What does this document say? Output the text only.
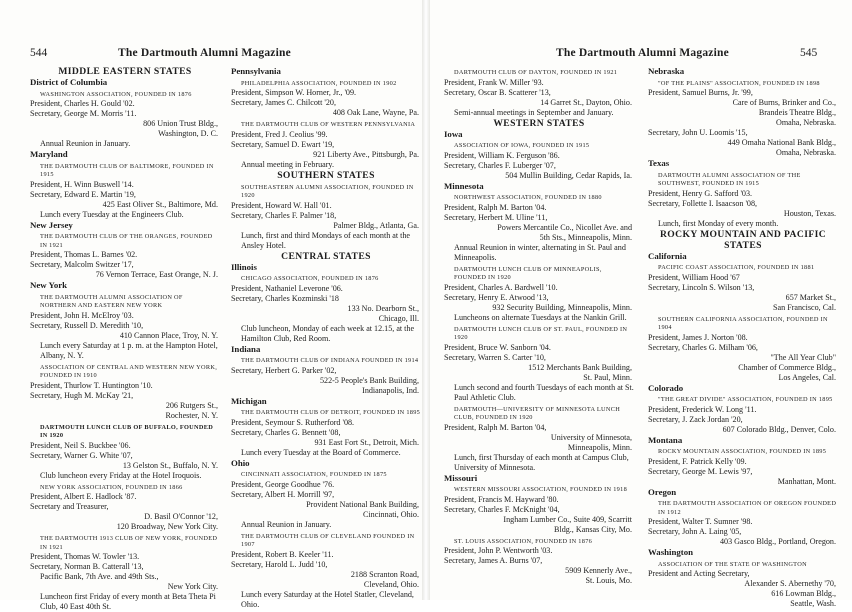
544	The Dartmouth Alumni Magazine

MIDDLE EASTERN STATES

District of Columbia

WASHINGTON ASSOCIATION, FOUNDED IN 1876

President, Charles H. Gould '02.

Secretary, George M. Morris '11.

806 Union Trust Bldg.,

Washington, D. C.

Annual Reunion in January.

Maryland

THE DARTMOUTH CLUB OF BALTIMORE, FOUNDED IN 1915

President, H. Winn Buswell '14.

Secretary, Edward E. Martin '19,

425 East Oliver St., Baltimore, Md.

Lunch every Tuesday at the Engineers Club.

New Jersey

THE DARTMOUTH CLUB OF THE ORANGES, FOUNDED IN 1921

President, Thomas L. Barnes '02.

Secretary, Malcolm Switzer '17,

76 Vernon Terrace, East Orange, N. J.

New York

THE DARTMOUTH ALUMNI ASSOCIATION OF NORTHERN AND EASTERN NEW YORK

President, John H. McElroy '03.

Secretary, Russell D. Meredith '10,

410 Cannon Place, Troy, N. Y.

Lunch every Saturday at 1 p. m. at the Hampton Hotel, Albany, N. Y.

ASSOCIATION OF CENTRAL AND WESTERN NEW YORK, FOUNDED IN 1910

President, Thurlow T. Huntington '10.

Secretary, Hugh M. McKay '21,

206 Rutgers St.,

Rochester, N. Y.

DARTMOUTH LUNCH CLUB OF BUFFALO, FOUNDED IN 1920

President, Neil S. Buckbee '06.

Secretary, Warner G. White '07,

13 Gelston St., Buffalo, N. Y.

Club luncheon every Friday at the Hotel Iroquois.

NEW YORK ASSOCIATION, FOUNDED IN 1866

President, Albert E. Hadlock '87.

Secretary and Treasurer,

D. Basil O'Connor '12,

120 Broadway, New York City.

THE DARTMOUTH 1913 CLUB OF NEW YORK, FOUNDED IN 1921

President, Thomas W. Towler '13.

Secretary, Norman B. Catterall '13,

Pacific Bank, 7th Ave. and 49th Sts.,

New York City.

Luncheon first Friday of every month at Beta Theta Pi Club, 40 East 40th St.

Pennsylvania

PHILADELPHIA ASSOCIATION, FOUNDED IN 1902

President, Simpson W. Horner, Jr., '09.

Secretary, James C. Chilcott '20,

408 Oak Lane, Wayne, Pa.

THE DARTMOUTH CLUB OF WESTERN PENNSYLVANIA

President, Fred J. Ceolius '99.

Secretary, Samuel D. Ewart '19,

921 Liberty Ave., Pittsburgh, Pa.

Annual meeting in February.

SOUTHERN STATES

SOUTHEASTERN ALUMNI ASSOCIATION, FOUNDED IN 1920

President, Howard W. Hall '01.

Secretary, Charles F. Palmer '18,

Palmer Bldg., Atlanta, Ga.

Lunch, first and third Mondays of each month at the Ansley Hotel.

CENTRAL STATES

Illinois

CHICAGO ASSOCIATION, FOUNDED IN 1876

President, Nathaniel Leverone '06.

Secretary, Charles Kozminski '18

133 No. Dearborn St.,

Chicago, Ill.

Club luncheon, Monday of each week at 12.15, at the Hamilton Club, Red Room.

Indiana

THE DARTMOUTH CLUB OF INDIANA FOUNDED IN 1914

Secretary, Herbert G. Parker '02,

522-5 People's Bank Building,

Indianapolis, Ind.

Michigan

THE DARTMOUTH CLUB OF DETROIT, FOUNDED IN 1895

President, Seymour S. Rutherford '08.

Secretary, Charles G. Bennett '08,

931 East Fort St., Detroit, Mich.

Lunch every Tuesday at the Board of Commerce.

Ohio

CINCINNATI ASSOCIATION, FOUNDED IN 1875

President, George Goodhue '76.

Secretary, Albert H. Morrill '97,

Provident National Bank Building,

Cincinnati, Ohio.

Annual Reunion in January.

THE DARTMOUTH CLUB OF CLEVELAND FOUNDED IN 1907

President, Robert B. Keeler '11.

Secretary, Harold L. Judd '10,

2188 Scranton Road,

Cleveland, Ohio.

Lunch every Saturday at the Hotel Statler, Cleveland, Ohio.

The Dartmouth Alumni Magazine	545

DARTMOUTH CLUB OF DAYTON, FOUNDED IN 1921

President, Frank W. Miller '93.

Secretary, Oscar B. Scatterer '13,

14 Garret St., Dayton, Ohio.

Semi-annual meetings in September and January.

WESTERN STATES

Iowa

ASSOCIATION OF IOWA, FOUNDED IN 1915

President, William K. Ferguson '86.

Secretary, Charles F. Luberger '07,

504 Mullin Building, Cedar Rapids, Ia.

Minnesota

NORTHWEST ASSOCIATION, FOUNDED IN 1880

President, Ralph M. Barton '04.

Secretary, Herbert M. Uline '11,

Powers Mercantile Co., Nicollet Ave. and

5th Sts., Minneapolis, Minn.

Annual Reunion in winter, alternating in St. Paul and Minneapolis.

DARTMOUTH LUNCH CLUB OF MINNEAPOLIS, FOUNDED IN 1920

President, Charles A. Bardwell '10.

Secretary, Henry E. Atwood '13,

932 Security Building, Minneapolis, Minn.

Luncheons on alternate Tuesdays at the Nankin Grill.

DARTMOUTH LUNCH CLUB OF ST. PAUL, FOUNDED IN 1920

President, Bruce W. Sanborn '04.

Secretary, Warren S. Carter '10,

1512 Merchants Bank Building,

St. Paul, Minn.

Lunch second and fourth Tuesdays of each month at St. Paul Athletic Club.

DARTMOUTH—UNIVERSITY OF MINNESOTA LUNCH CLUB, FOUNDED IN 1920

President, Ralph M. Barton '04,

University of Minnesota,

Minneapolis, Minn.

Lunch, first Thursday of each month at Campus Club, University of Minnesota.

Missouri

WESTERN MISSOURI ASSOCIATION, FOUNDED IN 1918

President, Francis M. Hayward '80.

Secretary, Charles F. McKnight '04,

Ingham Lumber Co., Suite 409, Scarritt

Bldg., Kansas City, Mo.

ST. LOUIS ASSOCIATION, FOUNDED IN 1876

President, John P. Wentworth '03.

Secretary, James A. Burns '07,

5909 Kennerly Ave.,

St. Louis, Mo.

Nebraska

"OF THE PLAINS" ASSOCIATION, FOUNDED IN 1898

President, Samuel Burns, Jr. '99,

Care of Burns, Brinker and Co.,

Brandeis Theatre Bldg.,

Omaha, Nebraska.

Secretary, John U. Loomis '15,

449 Omaha National Bank Bldg.,

Omaha, Nebraska.

Texas

DARTMOUTH ALUMNI ASSOCIATION OF THE SOUTHWEST, FOUNDED IN 1915

President, Henry G. Safford '03.

Secretary, Follette I. Isaacson '08,

Houston, Texas.

Lunch, first Monday of every month.

ROCKY MOUNTAIN AND PACIFIC STATES

California

PACIFIC COAST ASSOCIATION, FOUNDED IN 1881

President, William Hood '67

Secretary, Lincoln S. Wilson '13,

657 Market St.,

San Francisco, Cal.

SOUTHERN CALIFORNIA ASSOCIATION, FOUNDED IN 1904

President, James J. Norton '08.

Secretary, Charles G. Milham '06,

"The All Year Club"

Chamber of Commerce Bldg.,

Los Angeles, Cal.

Colorado

"THE GREAT DIVIDE" ASSOCIATION, FOUNDED IN 1895

President, Frederick W. Long '11.

Secretary, J. Zack Jordan '20,

607 Colorado Bldg., Denver, Colo.

Montana

ROCKY MOUNTAIN ASSOCIATION, FOUNDED IN 1895

President, F. Patrick Kelly '09.

Secretary, George M. Lewis '97,

Manhattan, Mont.

Oregon

THE DARTMOUTH ASSOCIATION OF OREGON FOUNDED IN 1912

President, Walter T. Sumner '98.

Secretary, John A. Laing '05,

403 Gasco Bldg., Portland, Oregon.

Washington

ASSOCIATION OF THE STATE OF WASHINGTON

President and Acting Secretary,

Alexander S. Abernethy '70,

616 Lowman Bldg.,

Seattle, Wash.
